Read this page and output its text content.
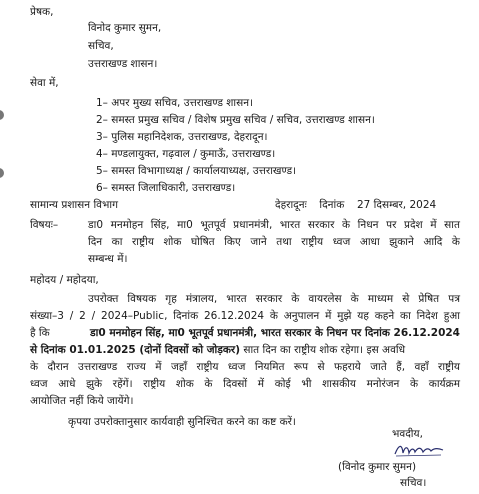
प्रेषक,
विनोद कुमार सुमन,
सचिव,
उत्तराखण्ड शासन।
सेवा में,
1– अपर मुख्य सचिव, उत्तराखण्ड शासन।
2– समस्त प्रमुख सचिव / विशेष प्रमुख सचिव / सचिव, उत्तराखण्ड शासन।
3– पुलिस महानिदेशक, उत्तराखण्ड, देहरादून।
4– मण्डलायुक्त, गढ़वाल / कुमाऊँ, उत्तराखण्ड।
5– समस्त विभागाध्यक्ष / कार्यालयाध्यक्ष, उत्तराखण्ड।
6– समस्त जिलाधिकारी, उत्तराखण्ड।
सामान्य प्रशासन विभाग	देहरादूनः दिनांक 27 दिसम्बर, 2024
विषयः–	डा0 मनमोहन सिंह, मा0 भूतपूर्व प्रधानमंत्री, भारत सरकार के निधन पर प्रदेश में सात
दिन का राष्ट्रीय शोक घोषित किए जाने तथा राष्ट्रीय ध्वज आधा झुकाने आदि के
सम्बन्ध में।
महोदय / महोदया,
उपरोक्त विषयक गृह मंत्रालय, भारत सरकार के वायरलेस के माध्यम से प्रेषित पत्र
संख्या–3 / 2 / 2024–Public, दिनांक 26.12.2024 के अनुपालन में मुझे यह कहने का निदेश हुआ
है कि	डा0 मनमोहन सिंह, मा0 भूतपूर्व प्रधानमंत्री, भारत सरकार के निधन पर दिनांक 26.12.2024
से दिनांक 01.01.2025 (दोनों दिवसों को जोड़कर) सात दिन का राष्ट्रीय शोक रहेगा। इस अवधि
के दौरान उत्तराखण्ड राज्य में जहाँ राष्ट्रीय ध्वज नियमित रूप से फहराये जाते हैं, वहाँ राष्ट्रीय
ध्वज आधे झुके रहेंगें। राष्ट्रीय शोक के दिवसों में कोई भी शासकीय मनोरंजन के कार्यक्रम
आयोजित नहीं किये जायेंगे।
कृपया उपरोक्तानुसार कार्यवाही सुनिश्चित करने का कष्ट करें।
भवदीय,
(विनोद कुमार सुमन)
सचिव।
